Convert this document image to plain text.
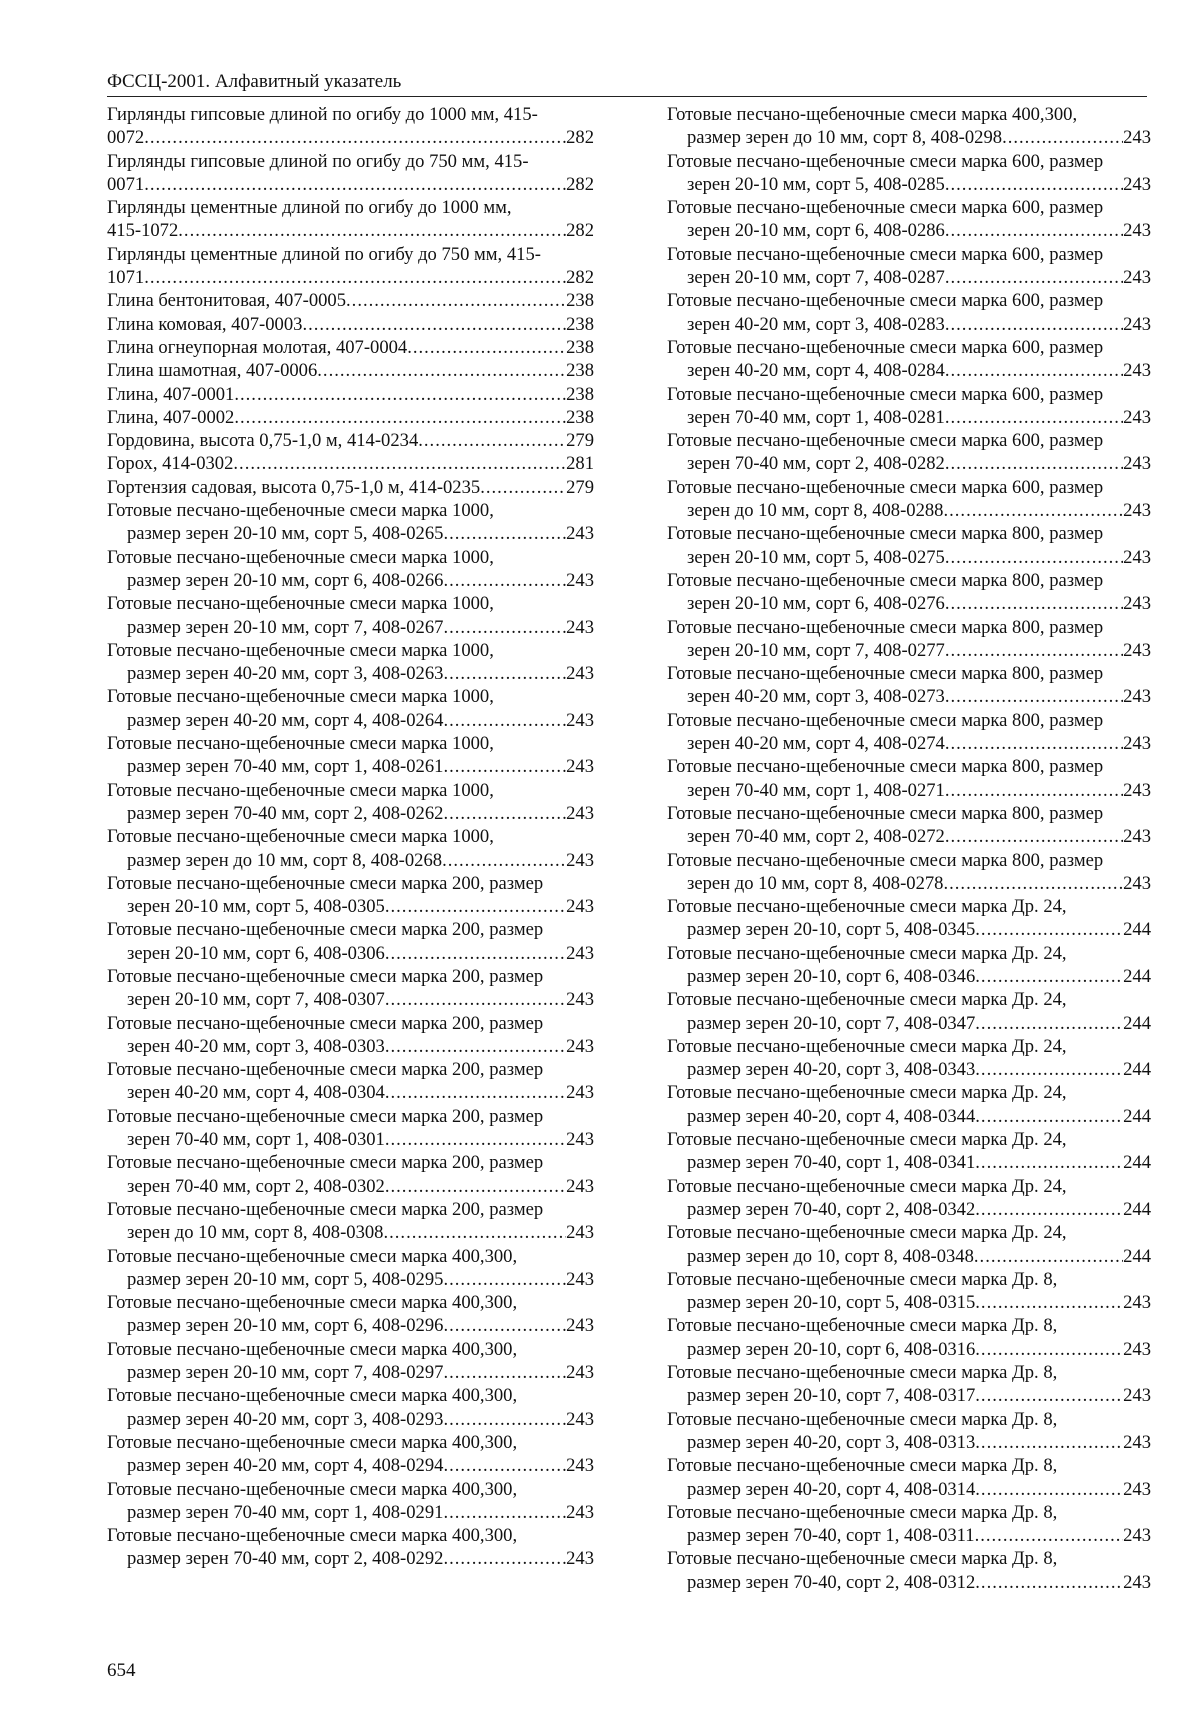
ФССЦ-2001. Алфавитный указатель
Гирлянды гипсовые длиной по огибу до 1000 мм, 415-
0072 .....	282
Гирлянды гипсовые длиной по огибу до 750 мм, 415-
0071 .....	282
Гирлянды цементные длиной по огибу до 1000 мм,
415-1072 .....	282
Гирлянды цементные длиной по огибу до 750 мм, 415-
1071 .....	282
Глина бентонитовая, 407-0005 .....	238
Глина комовая, 407-0003 .....	238
Глина огнеупорная молотая, 407-0004 .....	238
Глина шамотная, 407-0006 .....	238
Глина, 407-0001 .....	238
Глина, 407-0002 .....	238
Гордовина, высота 0,75-1,0 м, 414-0234 .....	279
Горох, 414-0302 .....	281
Гортензия садовая, высота 0,75-1,0 м, 414-0235 .....	279
Готовые песчано-щебеночные смеси марка 1000,
размер зерен 20-10 мм, сорт 5, 408-0265 .....	243
Готовые песчано-щебеночные смеси марка 1000,
размер зерен 20-10 мм, сорт 6, 408-0266 .....	243
Готовые песчано-щебеночные смеси марка 1000,
размер зерен 20-10 мм, сорт 7, 408-0267 .....	243
Готовые песчано-щебеночные смеси марка 1000,
размер зерен 40-20 мм, сорт 3, 408-0263 .....	243
Готовые песчано-щебеночные смеси марка 1000,
размер зерен 40-20 мм, сорт 4, 408-0264 .....	243
Готовые песчано-щебеночные смеси марка 1000,
размер зерен 70-40 мм, сорт 1, 408-0261 .....	243
Готовые песчано-щебеночные смеси марка 1000,
размер зерен 70-40 мм, сорт 2, 408-0262 .....	243
Готовые песчано-щебеночные смеси марка 1000,
размер зерен до 10 мм, сорт 8, 408-0268 .....	243
Готовые песчано-щебеночные смеси марка 200, размер
зерен 20-10 мм, сорт 5, 408-0305 .....	243
Готовые песчано-щебеночные смеси марка 200, размер
зерен 20-10 мм, сорт 6, 408-0306 .....	243
Готовые песчано-щебеночные смеси марка 200, размер
зерен 20-10 мм, сорт 7, 408-0307 .....	243
Готовые песчано-щебеночные смеси марка 200, размер
зерен 40-20 мм, сорт 3, 408-0303 .....	243
Готовые песчано-щебеночные смеси марка 200, размер
зерен 40-20 мм, сорт 4, 408-0304 .....	243
Готовые песчано-щебеночные смеси марка 200, размер
зерен 70-40 мм, сорт 1, 408-0301 .....	243
Готовые песчано-щебеночные смеси марка 200, размер
зерен 70-40 мм, сорт 2, 408-0302 .....	243
Готовые песчано-щебеночные смеси марка 200, размер
зерен до 10 мм, сорт 8, 408-0308 .....	243
Готовые песчано-щебеночные смеси марка 400,300,
размер зерен 20-10 мм, сорт 5, 408-0295 .....	243
Готовые песчано-щебеночные смеси марка 400,300,
размер зерен 20-10 мм, сорт 6, 408-0296 .....	243
Готовые песчано-щебеночные смеси марка 400,300,
размер зерен 20-10 мм, сорт 7, 408-0297 .....	243
Готовые песчано-щебеночные смеси марка 400,300,
размер зерен 40-20 мм, сорт 3, 408-0293 .....	243
Готовые песчано-щебеночные смеси марка 400,300,
размер зерен 40-20 мм, сорт 4, 408-0294 .....	243
Готовые песчано-щебеночные смеси марка 400,300,
размер зерен 70-40 мм, сорт 1, 408-0291 .....	243
Готовые песчано-щебеночные смеси марка 400,300,
размер зерен 70-40 мм, сорт 2, 408-0292 .....	243
Готовые песчано-щебеночные смеси марка 400,300,
размер зерен до 10 мм, сорт 8, 408-0298 .....	243
Готовые песчано-щебеночные смеси марка 600, размер
зерен 20-10 мм, сорт 5, 408-0285 .....	243
Готовые песчано-щебеночные смеси марка 600, размер
зерен 20-10 мм, сорт 6, 408-0286 .....	243
Готовые песчано-щебеночные смеси марка 600, размер
зерен 20-10 мм, сорт 7, 408-0287 .....	243
Готовые песчано-щебеночные смеси марка 600, размер
зерен 40-20 мм, сорт 3, 408-0283 .....	243
Готовые песчано-щебеночные смеси марка 600, размер
зерен 40-20 мм, сорт 4, 408-0284 .....	243
Готовые песчано-щебеночные смеси марка 600, размер
зерен 70-40 мм, сорт 1, 408-0281 .....	243
Готовые песчано-щебеночные смеси марка 600, размер
зерен 70-40 мм, сорт 2, 408-0282 .....	243
Готовые песчано-щебеночные смеси марка 600, размер
зерен до 10 мм, сорт 8, 408-0288 .....	243
Готовые песчано-щебеночные смеси марка 800, размер
зерен 20-10 мм, сорт 5, 408-0275 .....	243
Готовые песчано-щебеночные смеси марка 800, размер
зерен 20-10 мм, сорт 6, 408-0276 .....	243
Готовые песчано-щебеночные смеси марка 800, размер
зерен 20-10 мм, сорт 7, 408-0277 .....	243
Готовые песчано-щебеночные смеси марка 800, размер
зерен 40-20 мм, сорт 3, 408-0273 .....	243
Готовые песчано-щебеночные смеси марка 800, размер
зерен 40-20 мм, сорт 4, 408-0274 .....	243
Готовые песчано-щебеночные смеси марка 800, размер
зерен 70-40 мм, сорт 1, 408-0271 .....	243
Готовые песчано-щебеночные смеси марка 800, размер
зерен 70-40 мм, сорт 2, 408-0272 .....	243
Готовые песчано-щебеночные смеси марка 800, размер
зерен до 10 мм, сорт 8, 408-0278 .....	243
Готовые песчано-щебеночные смеси марка Др. 24,
размер зерен 20-10, сорт 5, 408-0345 .....	244
Готовые песчано-щебеночные смеси марка Др. 24,
размер зерен 20-10, сорт 6, 408-0346 .....	244
Готовые песчано-щебеночные смеси марка Др. 24,
размер зерен 20-10, сорт 7, 408-0347 .....	244
Готовые песчано-щебеночные смеси марка Др. 24,
размер зерен 40-20, сорт 3, 408-0343 .....	244
Готовые песчано-щебеночные смеси марка Др. 24,
размер зерен 40-20, сорт 4, 408-0344 .....	244
Готовые песчано-щебеночные смеси марка Др. 24,
размер зерен 70-40, сорт 1, 408-0341 .....	244
Готовые песчано-щебеночные смеси марка Др. 24,
размер зерен 70-40, сорт 2, 408-0342 .....	244
Готовые песчано-щебеночные смеси марка Др. 24,
размер зерен до 10, сорт 8, 408-0348 .....	244
Готовые песчано-щебеночные смеси марка Др. 8,
размер зерен 20-10, сорт 5, 408-0315 .....	243
Готовые песчано-щебеночные смеси марка Др. 8,
размер зерен 20-10, сорт 6, 408-0316 .....	243
Готовые песчано-щебеночные смеси марка Др. 8,
размер зерен 20-10, сорт 7, 408-0317 .....	243
Готовые песчано-щебеночные смеси марка Др. 8,
размер зерен 40-20, сорт 3, 408-0313 .....	243
Готовые песчано-щебеночные смеси марка Др. 8,
размер зерен 40-20, сорт 4, 408-0314 .....	243
Готовые песчано-щебеночные смеси марка Др. 8,
размер зерен 70-40, сорт 1, 408-0311 .....	243
Готовые песчано-щебеночные смеси марка Др. 8,
размер зерен 70-40, сорт 2, 408-0312 .....	243
654
